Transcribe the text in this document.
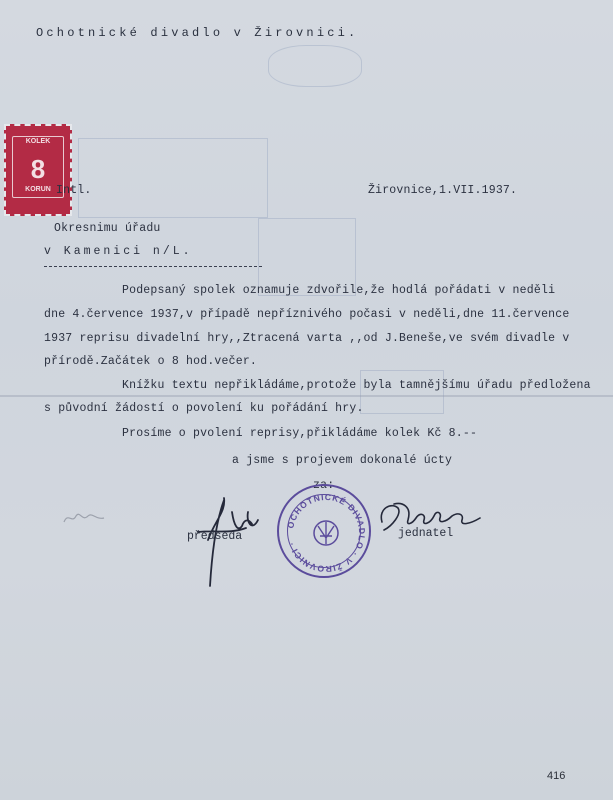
Ochotnické divadlo v Žirovnici.
KOLEK
8
KORUN Intl.	Žirovnice,1.VII.1937.
Okresnimu úřadu
v Kamenici n/L.
Podepsaný spolek oznamuje zdvořile,že hodlá pořádati v neděli
dne 4.července 1937,v případě nepříznivého počasi v neděli,dne 11.července
1937 reprisu divadelní hry,,Ztracená varta ,,od J.Beneše,ve svém divadle v
přírodě.Začátek o 8 hod.večer.
Knížku textu nepřikládáme,protože byla tamnějšímu úřadu předložena
s původní žádostí o povolení ku pořádání hry.
Prosíme o pvolení reprisy,přikládáme kolek Kč 8.--
a jsme s projevem dokonalé úcty
za:
OCHOTNICKÉ DIVADLO · V ŽIROVNICI ·
předseda	jednatel
416
